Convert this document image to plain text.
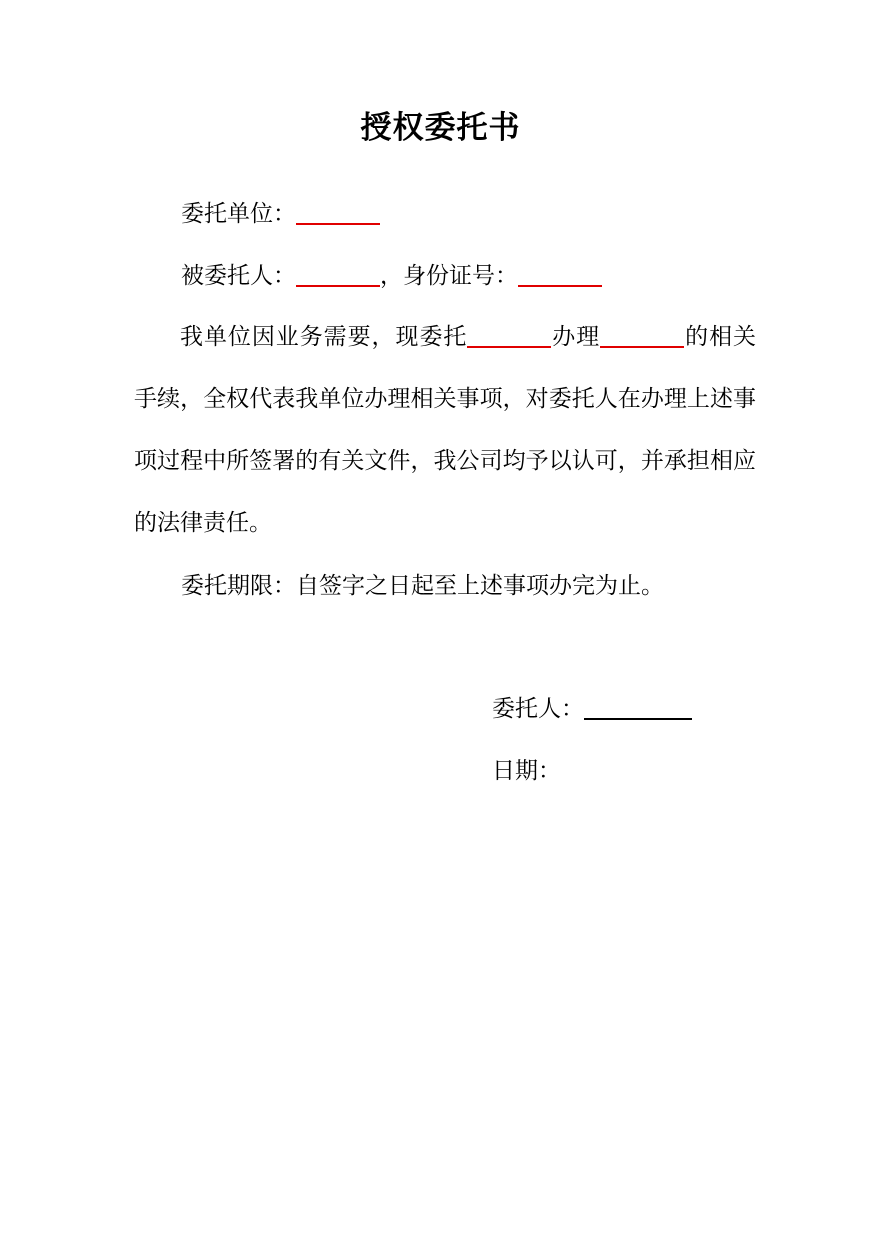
授权委托书
委托单位：
被委托人：	，身份证号：
我单位因业务需要，现委托	办理	的相关手续，全权代表我单位办理相关事项，对委托人在办理上述事项过程中所签署的有关文件，我公司均予以认可，并承担相应的法律责任。
委托期限：自签字之日起至上述事项办完为止。
委托人：
日期：
